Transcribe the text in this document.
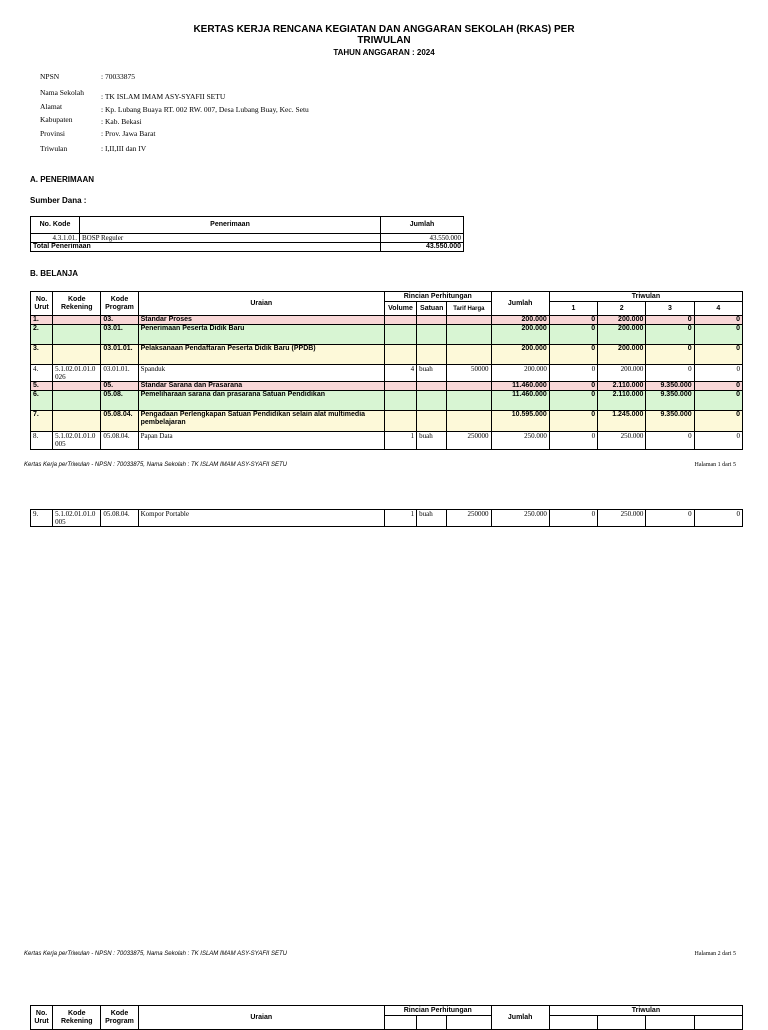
KERTAS KERJA RENCANA KEGIATAN DAN ANGGARAN SEKOLAH (RKAS) PER
TRIWULAN
TAHUN ANGGARAN : 2024
NPSN	: 70033875
Nama Sekolah : TK ISLAM IMAM ASY-SYAFII SETU
Alamat	: Kp. Lubang Buaya RT. 002 RW. 007, Desa Lubang Buay, Kec. Setu
Kabupaten	: Kab. Bekasi
Provinsi	: Prov. Jawa Barat
Triwulan	: I,II,III dan IV
A. PENERIMAAN
Sumber Dana :
No. Kode	Penerimaan	Jumlah
4.3.1.01.	BOSP Reguler	43.550.000
Total Penerimaan		43.550.000
B. BELANJA
No. Urut	Kode Rekening	Kode Program	Uraian	Rincian Perhitungan			Jumlah	Triwulan			
				Volume	Satuan	Tarif Harga		1	2	3	4
1.		03.	Standar Proses				200.000	0	200.000	0	0
2.		03.01.	Penerimaan Peserta Didik Baru				200.000	0	200.000	0	0
3.		03.01.01.	Pelaksanaan Pendaftaran Peserta Didik Baru (PPDB)				200.000	0	200.000	0	0
4.	5.1.02.01.01.0026	03.01.01.	Spanduk	4	buah	50000	200.000	0	200.000	0	0
5.		05.	Standar Sarana dan Prasarana				11.460.000	0	2.110.000	9.350.000	0
6.		05.08.	Pemeliharaan sarana dan prasarana Satuan Pendidikan				11.460.000	0	2.110.000	9.350.000	0
7.		05.08.04.	Pengadaan Perlengkapan Satuan Pendidikan selain alat multimedia pembelajaran				10.595.000	0	1.245.000	9.350.000	0
8.	5.1.02.01.01.0005	05.08.04.	Papan Data	1	buah	250000	250.000	0	250.000	0	0
Kertas Kerja perTriwulan - NPSN : 70033875, Nama Sekolah : TK ISLAM IMAM ASY-SYAFII SETU	Halaman 1 dari 5
9.	5.1.02.01.01.0005	05.08.04.	Kompor Portable	1	buah	250000	250.000	0	250.000	0	0
Kertas Kerja perTriwulan - NPSN : 70033875, Nama Sekolah : TK ISLAM IMAM ASY-SYAFII SETU	Halaman 2 dari 5
No. Urut	Kode Rekening	Kode Program	Uraian	Rincian Perhitungan			Jumlah	Triwulan			
